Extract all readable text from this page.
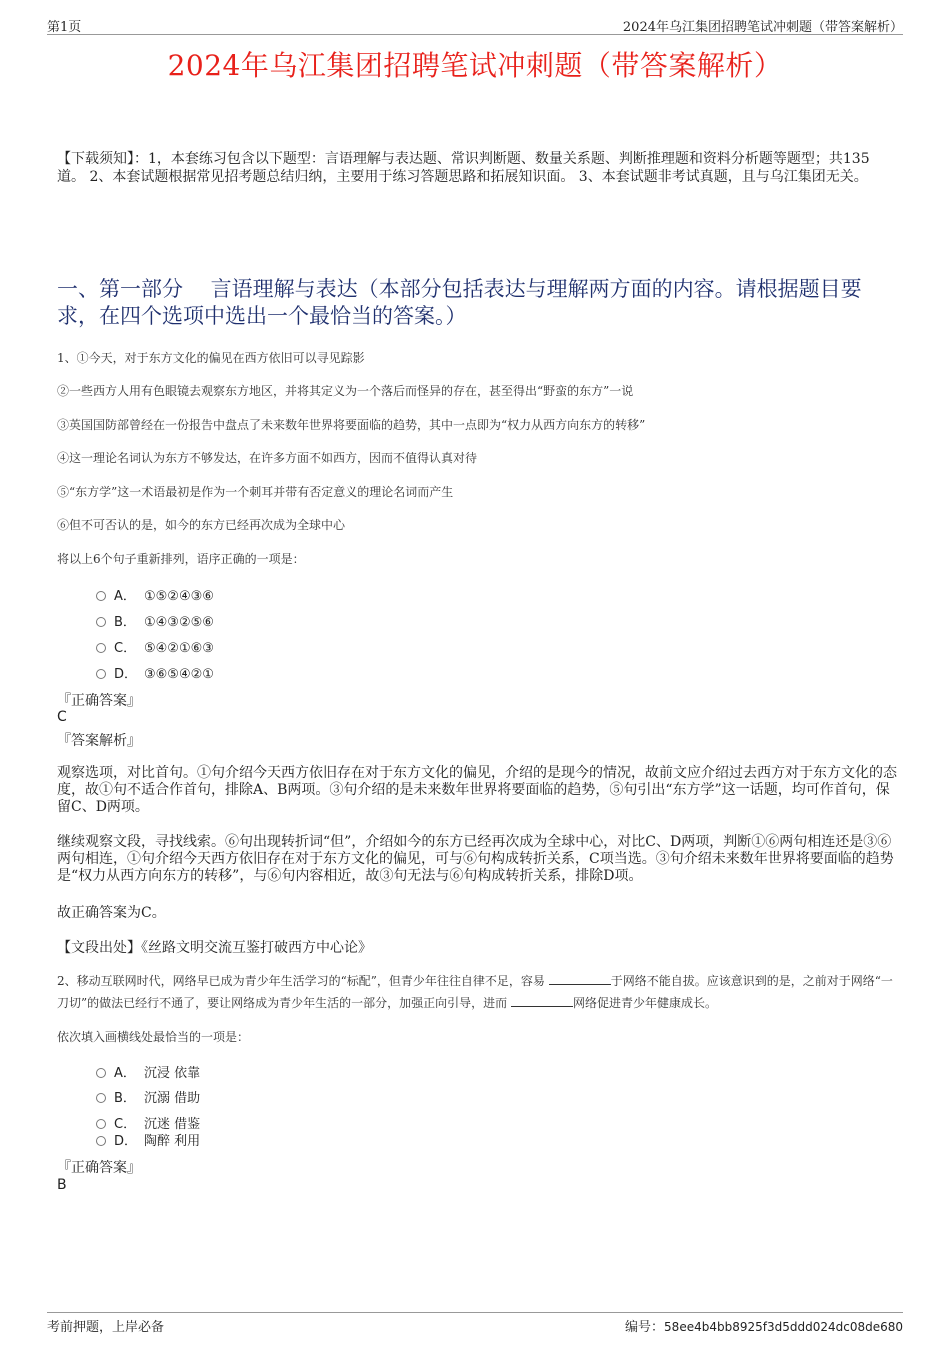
第1页	2024年乌江集团招聘笔试冲刺题（带答案解析）
2024年乌江集团招聘笔试冲刺题（带答案解析）
【下载须知】：1，本套练习包含以下题型：言语理解与表达题、常识判断题、数量关系题、判断推理题和资料分析题等题型；共135道。 2、本套试题根据常见招考题总结归纳，主要用于练习答题思路和拓展知识面。 3、本套试题非考试真题，且与乌江集团无关。
一、第一部分　 言语理解与表达（本部分包括表达与理解两方面的内容。请根据题目要求，在四个选项中选出一个最恰当的答案。）
1、①今天，对于东方文化的偏见在西方依旧可以寻见踪影
②一些西方人用有色眼镜去观察东方地区，并将其定义为一个落后而怪异的存在，甚至得出“野蛮的东方”一说
③英国国防部曾经在一份报告中盘点了未来数年世界将要面临的趋势，其中一点即为“权力从西方向东方的转移”
④这一理论名词认为东方不够发达，在许多方面不如西方，因而不值得认真对待
⑤“东方学”这一术语最初是作为一个刺耳并带有否定意义的理论名词而产生
⑥但不可否认的是，如今的东方已经再次成为全球中心
将以上6个句子重新排列，语序正确的一项是：
A． ①⑤②④③⑥
B． ①④③②⑤⑥
C． ⑤④②①⑥③
D． ③⑥⑤④②①
『正确答案』
C
『答案解析』
观察选项，对比首句。①句介绍今天西方依旧存在对于东方文化的偏见，介绍的是现今的情况，故前文应介绍过去西方对于东方文化的态度，故①句不适合作首句，排除A、B两项。③句介绍的是未来数年世界将要面临的趋势，⑤句引出“东方学”这一话题，均可作首句，保留C、D两项。
继续观察文段，寻找线索。⑥句出现转折词“但”，介绍如今的东方已经再次成为全球中心，对比C、D两项，判断①⑥两句相连还是③⑥两句相连，①句介绍今天西方依旧存在对于东方文化的偏见，可与⑥句构成转折关系，C项当选。③句介绍未来数年世界将要面临的趋势是“权力从西方向东方的转移”，与⑥句内容相近，故③句无法与⑥句构成转折关系，排除D项。
故正确答案为C。
【文段出处】《丝路文明交流互鉴打破西方中心论》
2、移动互联网时代，网络早已成为青少年生活学习的“标配”，但青少年往往自律不足，容易	于网络不能自拔。应该意识到的是，之前对于网络“一刀切”的做法已经行不通了，要让网络成为青少年生活的一部分，加强正向引导，进而	网络促进青少年健康成长。
依次填入画横线处最恰当的一项是：
A． 沉浸 依靠
B． 沉溺 借助
C． 沉迷 借鉴
D． 陶醉 利用
『正确答案』
B
考前押题，上岸必备	编号：58ee4b4bb8925f3d5ddd024dc08de680
